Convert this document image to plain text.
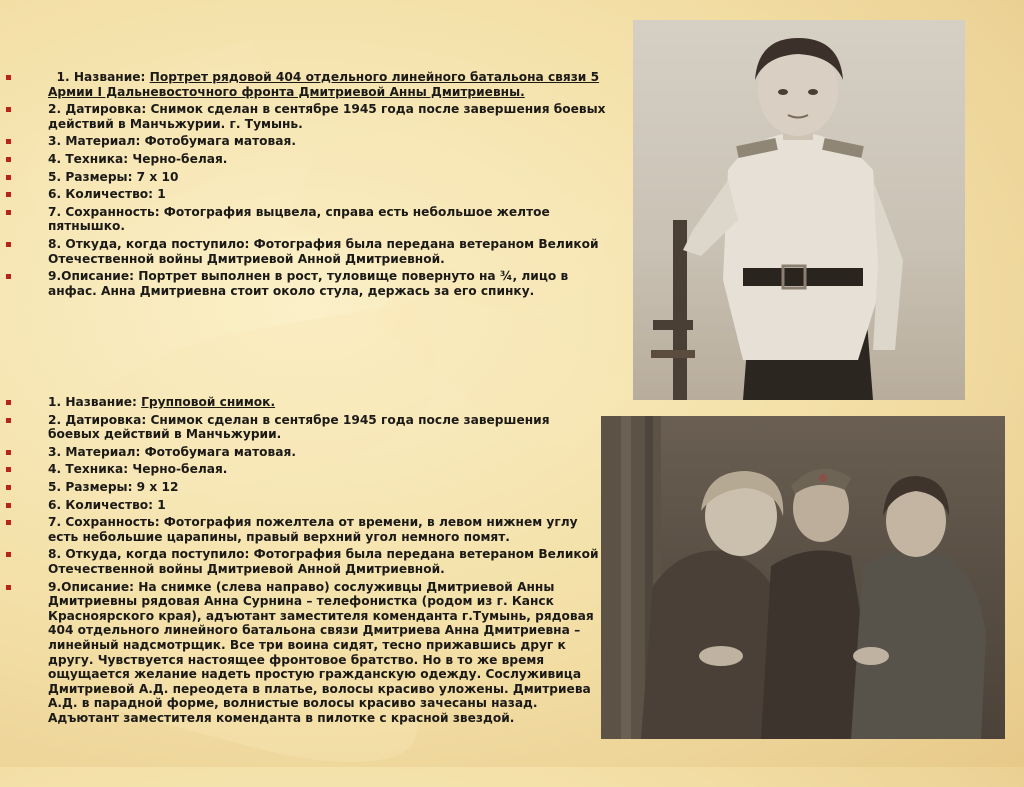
1. Название: Портрет рядовой 404 отдельного линейного батальона связи 5 Армии I Дальневосточного фронта Дмитриевой Анны Дмитриевны.
2. Датировка: Снимок сделан в сентябре 1945 года после завершения боевых действий в Манчьжурии. г. Тумынь.
3. Материал: Фотобумага матовая.
4. Техника: Черно-белая.
5. Размеры: 7 х 10
6. Количество: 1
7. Сохранность: Фотография выцвела, справа есть небольшое желтое пятнышко.
8. Откуда, когда поступило: Фотография была передана ветераном Великой Отечественной войны Дмитриевой Анной Дмитриевной.
9.Описание: Портрет выполнен в рост, туловище повернуто на ¾, лицо в анфас. Анна Дмитриевна стоит около стула, держась за его спинку.
1. Название: Групповой снимок.
2. Датировка: Снимок сделан в сентябре 1945 года после завершения боевых действий в Манчьжурии.
3. Материал: Фотобумага матовая.
4. Техника: Черно-белая.
5. Размеры: 9 х 12
6. Количество: 1
7. Сохранность: Фотография пожелтела от времени, в левом нижнем углу есть небольшие царапины, правый верхний угол немного помят.
8. Откуда, когда поступило: Фотография была передана ветераном Великой Отечественной войны Дмитриевой Анной Дмитриевной.
9.Описание: На снимке (слева направо) сослуживцы Дмитриевой Анны Дмитриевны рядовая Анна Сурнина – телефонистка (родом из г. Канск Красноярского края), адъютант заместителя коменданта г.Тумынь, рядовая 404 отдельного линейного батальона связи Дмитриева Анна Дмитриевна – линейный надсмотрщик. Все три воина сидят, тесно прижавшись друг к другу. Чувствуется настоящее фронтовое братство. Но в то же время ощущается желание надеть простую гражданскую одежду. Сослуживица Дмитриевой А.Д. переодета в платье, волосы красиво уложены. Дмитриева А.Д. в парадной форме, волнистые волосы красиво зачесаны назад. Адъютант заместителя коменданта в пилотке с красной звездой.
